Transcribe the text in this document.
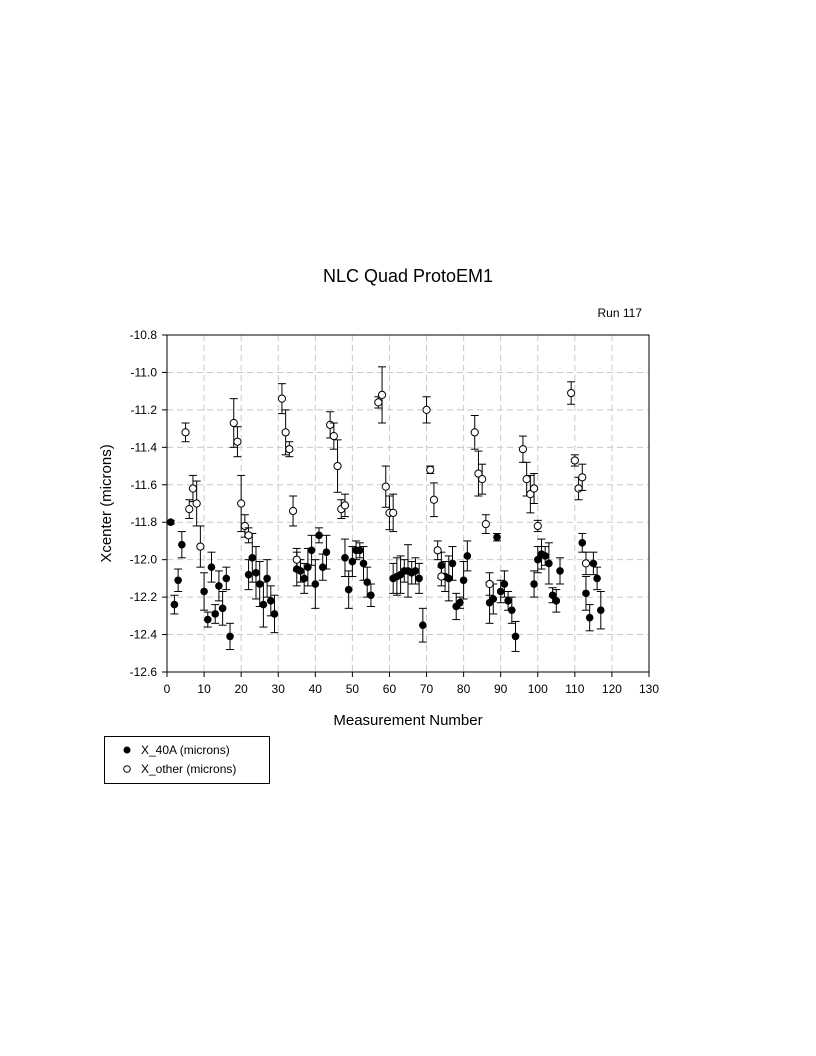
NLC Quad ProtoEM1
Run 117
0 10 20 30 40 50 60 70 80 90 100 110 120 130
-12.6
-12.4
-12.2
-12.0
-11.8
-11.6
-11.4
-11.2
-11.0
-10.8
Measurement Number
Xcenter (microns)
X_40A (microns)
X_other (microns)
